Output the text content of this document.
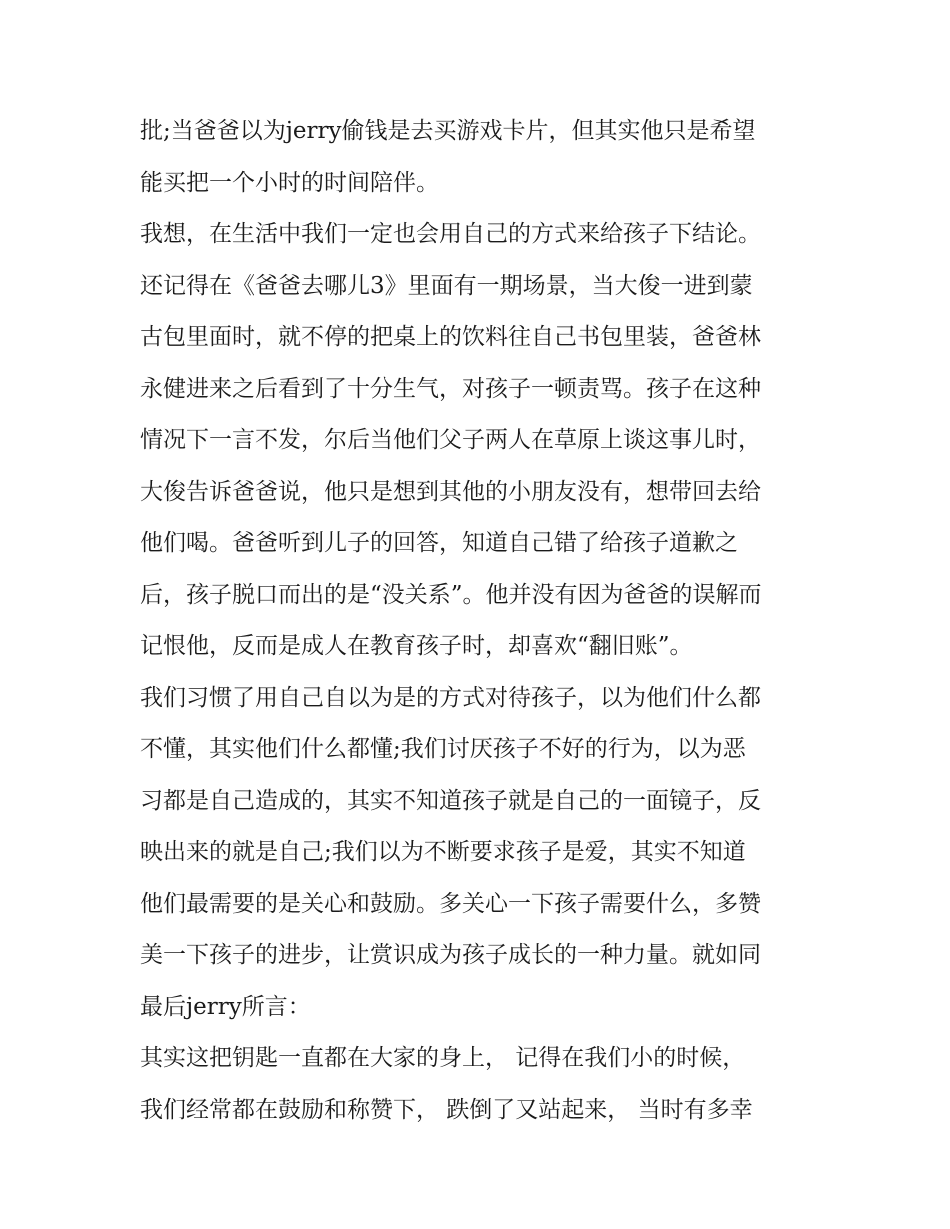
批;当爸爸以为jerry偷钱是去买游戏卡片，但其实他只是希望
能买把一个小时的时间陪伴。
我想，在生活中我们一定也会用自己的方式来给孩子下结论。
还记得在《爸爸去哪儿3》里面有一期场景，当大俊一进到蒙
古包里面时，就不停的把桌上的饮料往自己书包里装，爸爸林
永健进来之后看到了十分生气，对孩子一顿责骂。孩子在这种
情况下一言不发，尔后当他们父子两人在草原上谈这事儿时，
大俊告诉爸爸说，他只是想到其他的小朋友没有，想带回去给
他们喝。爸爸听到儿子的回答，知道自己错了给孩子道歉之
后，孩子脱口而出的是“没关系”。他并没有因为爸爸的误解而
记恨他，反而是成人在教育孩子时，却喜欢“翻旧账”。
我们习惯了用自己自以为是的方式对待孩子，以为他们什么都
不懂，其实他们什么都懂;我们讨厌孩子不好的行为，以为恶
习都是自己造成的，其实不知道孩子就是自己的一面镜子，反
映出来的就是自己;我们以为不断要求孩子是爱，其实不知道
他们最需要的是关心和鼓励。多关心一下孩子需要什么，多赞
美一下孩子的进步，让赏识成为孩子成长的一种力量。就如同
最后jerry所言：
其实这把钥匙一直都在大家的身上， 记得在我们小的时候，
我们经常都在鼓励和称赞下， 跌倒了又站起来， 当时有多幸
